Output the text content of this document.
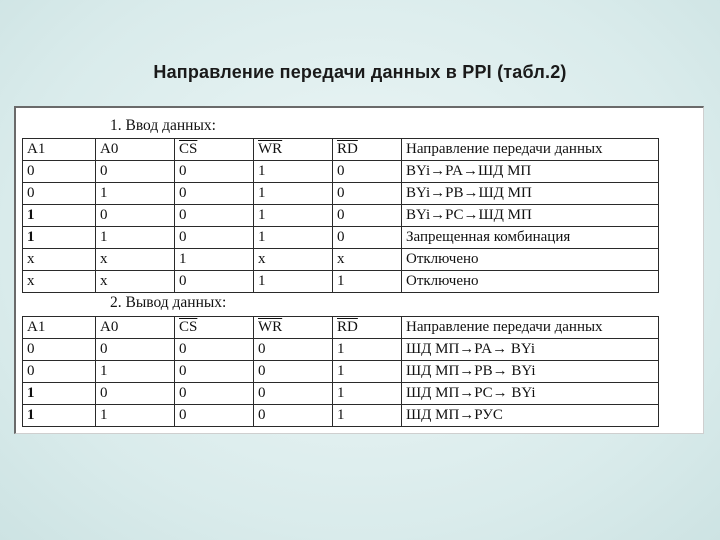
Направление передачи данных в PPI (табл.2)
1. Ввод данных:
A1	A0	$\overline{CS}$	$\overline{WR}$	$\overline{RD}$	Направление передачи данных
0	0	0	1	0	BYi→PA→ШД МП
0	1	0	1	0	BYi→PB→ШД МП
1	0	0	1	0	BYi→PC→ШД МП
1	1	0	1	0	Запрещенная комбинация
x	x	1	x	x	Отключено
x	x	0	1	1	Отключено
2. Вывод данных:
A1	A0	$\overline{CS}$	$\overline{WR}$	$\overline{RD}$	Направление передачи данных
0	0	0	0	1	ШД МП→PA→ BYi
0	1	0	0	1	ШД МП→PB→ BYi
1	0	0	0	1	ШД МП→PC→ BYi
1	1	0	0	1	ШД МП→РУС
